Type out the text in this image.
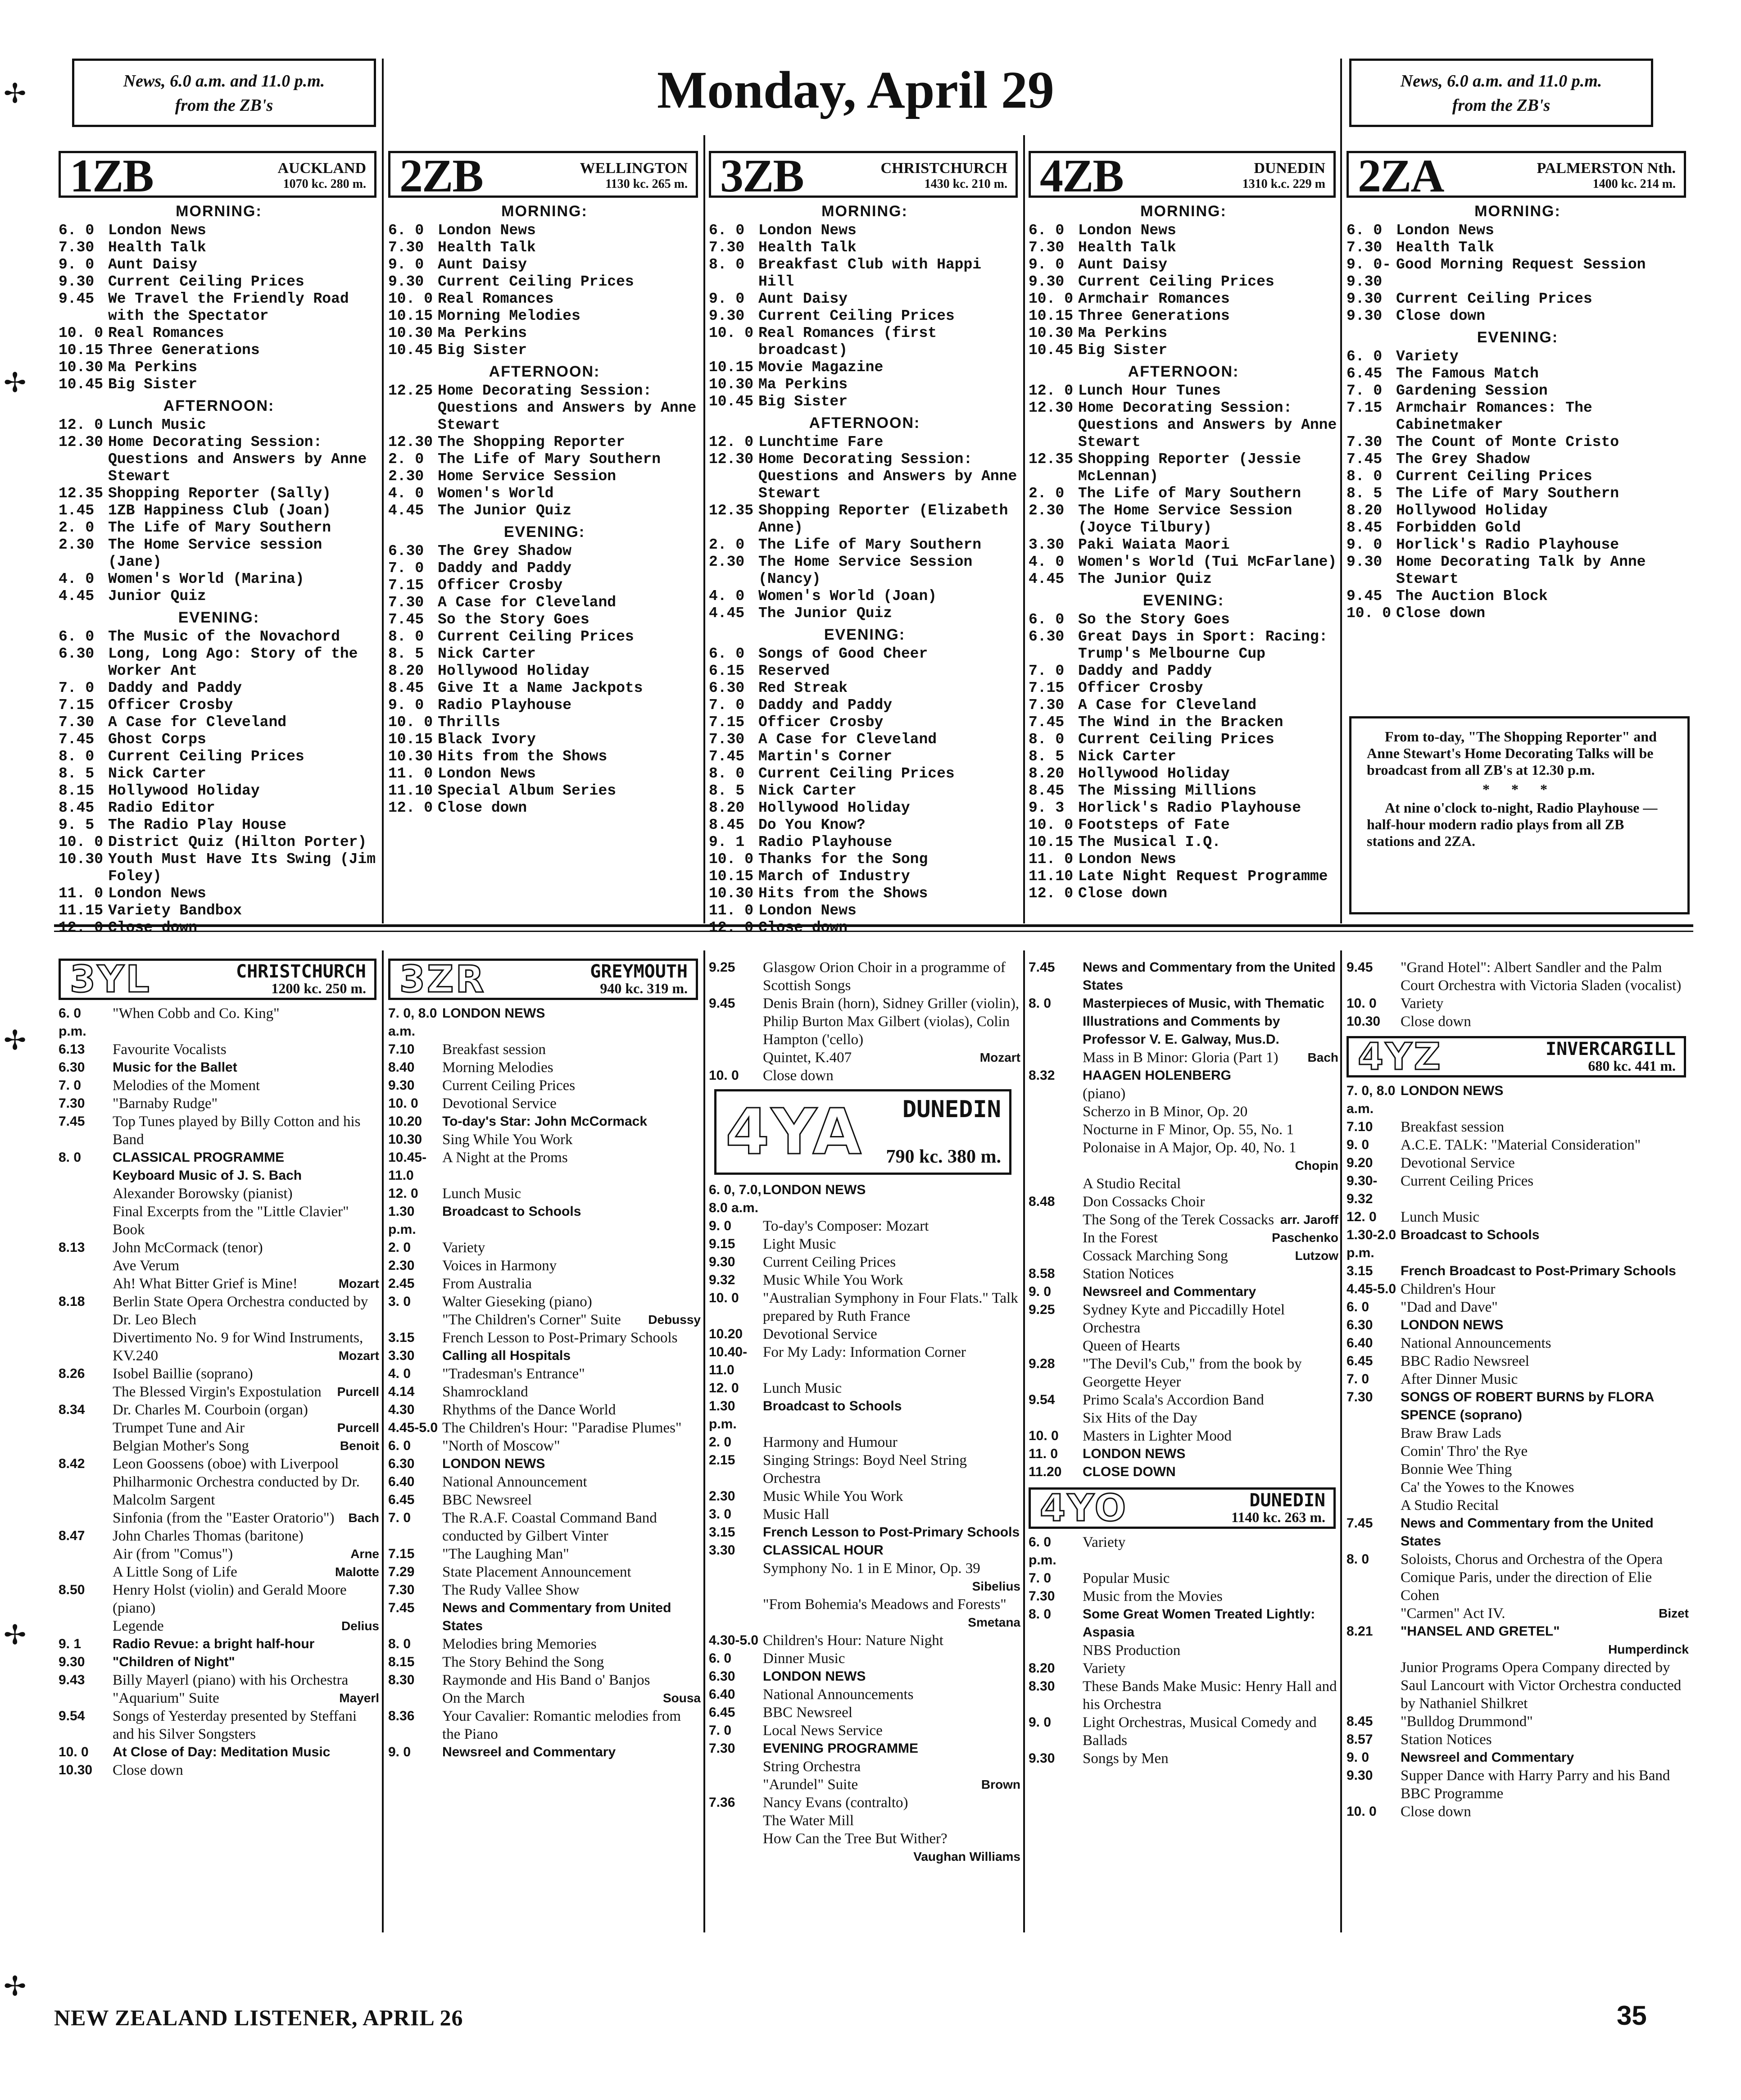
News, 6.0 a.m. and 11.0 p.m.
from the ZB's	Monday, April 29	News, 6.0 a.m. and 11.0 p.m.
from the ZB's
1ZB	AUCKLAND
1070 kc. 280 m.
MORNING:
6. 0 London News
7.30 Health Talk
9. 0 Aunt Daisy
9.30 Current Ceiling Prices
9.45 We Travel the Friendly Road with the Spectator
10. 0 Real Romances
10.15 Three Generations
10.30 Ma Perkins
10.45 Big Sister
AFTERNOON:
12. 0 Lunch Music
12.30 Home Decorating Session: Questions and Answers by Anne Stewart
12.35 Shopping Reporter (Sally)
1.45 1ZB Happiness Club (Joan)
2. 0 The Life of Mary Southern
2.30 The Home Service session (Jane)
4. 0 Women's World (Marina)
4.45 Junior Quiz
EVENING:
6. 0 The Music of the Novachord
6.30 Long, Long Ago: Story of the Worker Ant
7. 0 Daddy and Paddy
7.15 Officer Crosby
7.30 A Case for Cleveland
7.45 Ghost Corps
8. 0 Current Ceiling Prices
8. 5 Nick Carter
8.15 Hollywood Holiday
8.45 Radio Editor
9. 5 The Radio Play House
10. 0 District Quiz (Hilton Porter)
10.30 Youth Must Have Its Swing (Jim Foley)
11. 0 London News
11.15 Variety Bandbox
12. 0 Close down
2ZB	WELLINGTON
1130 kc. 265 m.
MORNING:
6. 0 London News
7.30 Health Talk
9. 0 Aunt Daisy
9.30 Current Ceiling Prices
10. 0 Real Romances
10.15 Morning Melodies
10.30 Ma Perkins
10.45 Big Sister
AFTERNOON:
12.25 Home Decorating Session: Questions and Answers by Anne Stewart
12.30 The Shopping Reporter
2. 0 The Life of Mary Southern
2.30 Home Service Session
4. 0 Women's World
4.45 The Junior Quiz
EVENING:
6.30 The Grey Shadow
7. 0 Daddy and Paddy
7.15 Officer Crosby
7.30 A Case for Cleveland
7.45 So the Story Goes
8. 0 Current Ceiling Prices
8. 5 Nick Carter
8.20 Hollywood Holiday
8.45 Give It a Name Jackpots
9. 0 Radio Playhouse
10. 0 Thrills
10.15 Black Ivory
10.30 Hits from the Shows
11. 0 London News
11.10 Special Album Series
12. 0 Close down
3ZB	CHRISTCHURCH
1430 kc. 210 m.
MORNING:
6. 0 London News
7.30 Health Talk
8. 0 Breakfast Club with Happi Hill
9. 0 Aunt Daisy
9.30 Current Ceiling Prices
10. 0 Real Romances (first broadcast)
10.15 Movie Magazine
10.30 Ma Perkins
10.45 Big Sister
AFTERNOON:
12. 0 Lunchtime Fare
12.30 Home Decorating Session: Questions and Answers by Anne Stewart
12.35 Shopping Reporter (Elizabeth Anne)
2. 0 The Life of Mary Southern
2.30 The Home Service Session (Nancy)
4. 0 Women's World (Joan)
4.45 The Junior Quiz
EVENING:
6. 0 Songs of Good Cheer
6.15 Reserved
6.30 Red Streak
7. 0 Daddy and Paddy
7.15 Officer Crosby
7.30 A Case for Cleveland
7.45 Martin's Corner
8. 0 Current Ceiling Prices
8. 5 Nick Carter
8.20 Hollywood Holiday
8.45 Do You Know?
9. 1 Radio Playhouse
10. 0 Thanks for the Song
10.15 March of Industry
10.30 Hits from the Shows
11. 0 London News
12. 0 Close down
4ZB	DUNEDIN
1310 k.c. 229 m
MORNING:
6. 0 London News
7.30 Health Talk
9. 0 Aunt Daisy
9.30 Current Ceiling Prices
10. 0 Armchair Romances
10.15 Three Generations
10.30 Ma Perkins
10.45 Big Sister
AFTERNOON:
12. 0 Lunch Hour Tunes
12.30 Home Decorating Session: Questions and Answers by Anne Stewart
12.35 Shopping Reporter (Jessie McLennan)
2. 0 The Life of Mary Southern
2.30 The Home Service Session (Joyce Tilbury)
3.30 Paki Waiata Maori
4. 0 Women's World (Tui McFarlane)
4.45 The Junior Quiz
EVENING:
6. 0 So the Story Goes
6.30 Great Days in Sport: Racing: Trump's Melbourne Cup
7. 0 Daddy and Paddy
7.15 Officer Crosby
7.30 A Case for Cleveland
7.45 The Wind in the Bracken
8. 0 Current Ceiling Prices
8. 5 Nick Carter
8.20 Hollywood Holiday
8.45 The Missing Millions
9. 3 Horlick's Radio Playhouse
10. 0 Footsteps of Fate
10.15 The Musical I.Q.
11. 0 London News
11.10 Late Night Request Programme
12. 0 Close down
2ZA	PALMERSTON Nth.
1400 kc. 214 m.
MORNING:
6. 0 London News
7.30 Health Talk
9. 0-9.30
Good Morning Request Session
9.30 Current Ceiling Prices
9.30 Close down
EVENING:
6. 0 Variety
6.45 The Famous Match
7. 0 Gardening Session
7.15 Armchair Romances: The Cabinetmaker
7.30 The Count of Monte Cristo
7.45 The Grey Shadow
8. 0 Current Ceiling Prices
8. 5 The Life of Mary Southern
8.20 Hollywood Holiday
8.45 Forbidden Gold
9. 0 Horlick's Radio Playhouse
9.30 Home Decorating Talk by Anne Stewart
9.45 The Auction Block
10. 0 Close down

From to-day, "The Shopping Reporter" and Anne Stewart's Home Decorating Talks will be broadcast from all ZB's at 12.30 p.m.

* * *

At nine o'clock to-night, Radio Playhouse — half-hour modern radio plays from all ZB stations and 2ZA.

3YL	CHRISTCHURCH
1200 kc. 250 m.
6. 0 p.m.
"When Cobb and Co. King"
6.13	Favourite Vocalists
6.30	Music for the Ballet
7. 0	Melodies of the Moment
7.30	"Barnaby Rudge"
7.45	Top Tunes played by Billy Cotton and his Band
8. 0	CLASSICAL PROGRAMME
Keyboard Music of J. S. Bach
Alexander Borowsky (pianist)
Final Excerpts from the "Little Clavier" Book
8.13	John McCormack (tenor)
Ave Verum
Ah! What Bitter Grief is Mine!	Mozart
8.18	Berlin State Opera Orchestra conducted by Dr. Leo Blech
Divertimento No. 9 for Wind Instruments, KV.240	Mozart
8.26	Isobel Baillie (soprano)
The Blessed Virgin's Expostulation Purcell
8.34	Dr. Charles M. Courboin (organ)
Trumpet Tune and Air	Purcell
Belgian Mother's Song	Benoit
8.42	Leon Goossens (oboe) with Liverpool Philharmonic Orchestra conducted by Dr. Malcolm Sargent
Sinfonia (from the "Easter Oratorio") Bach
8.47	John Charles Thomas (baritone)
Air (from "Comus")	Arne
A Little Song of Life	Malotte
8.50	Henry Holst (violin) and Gerald Moore (piano)
Legende	Delius
9. 1	Radio Revue: a bright half-hour
9.30	"Children of Night"
9.43	Billy Mayerl (piano) with his Orchestra
"Aquarium" Suite	Mayerl
9.54	Songs of Yesterday presented by Steffani and his Silver Songsters
10. 0	At Close of Day: Meditation Music
10.30	Close down
3ZR	GREYMOUTH
940 kc. 319 m.
7. 0, 8.0 a.m.
LONDON NEWS
7.10	Breakfast session
8.40	Morning Melodies
9.30	Current Ceiling Prices
10. 0	Devotional Service
10.20	To-day's Star: John McCormack
10.30	Sing While You Work
10.45-11.0
A Night at the Proms
12. 0	Lunch Music
1.30 p.m.
Broadcast to Schools
2. 0	Variety
2.30	Voices in Harmony
2.45	From Australia
3. 0	Walter Gieseking (piano)
"The Children's Corner" Suite Debussy
3.15	French Lesson to Post-Primary Schools
3.30	Calling all Hospitals
4. 0	"Tradesman's Entrance"
4.14	Shamrockland
4.30	Rhythms of the Dance World
4.45-5.0 The Children's Hour: "Paradise Plumes"
6. 0	"North of Moscow"
6.30	LONDON NEWS
6.40	National Announcement
6.45	BBC Newsreel
7. 0	The R.A.F. Coastal Command Band conducted by Gilbert Vinter
7.15	"The Laughing Man"
7.29	State Placement Announcement
7.30	The Rudy Vallee Show
7.45	News and Commentary from United States
8. 0	Melodies bring Memories
8.15	The Story Behind the Song
8.30	Raymonde and His Band o' Banjos
On the March	Sousa
8.36	Your Cavalier: Romantic melodies from the Piano
9. 0	Newsreel and Commentary
9.25	Glasgow Orion Choir in a programme of Scottish Songs
9.45	Denis Brain (horn), Sidney Griller (violin), Philip Burton Max Gilbert (violas), Colin Hampton ('cello)
Quintet, K.407	Mozart
10. 0	Close down
4YA DUNEDIN
790 kc. 380 m.
6. 0, 7.0, 8.0 a.m.
LONDON NEWS
9. 0	To-day's Composer: Mozart
9.15	Light Music
9.30	Current Ceiling Prices
9.32	Music While You Work
10. 0	"Australian Symphony in Four Flats." Talk prepared by Ruth France
10.20	Devotional Service
10.40-11.0
For My Lady: Information Corner
12. 0	Lunch Music
1.30 p.m.
Broadcast to Schools
2. 0	Harmony and Humour
2.15	Singing Strings: Boyd Neel String Orchestra
2.30	Music While You Work
3. 0	Music Hall
3.15	French Lesson to Post-Primary Schools
3.30	CLASSICAL HOUR
Symphony No. 1 in E Minor, Op. 39
Sibelius
"From Bohemia's Meadows and Forests"
Smetana
4.30-5.0 Children's Hour: Nature Night
6. 0	Dinner Music
6.30	LONDON NEWS
6.40	National Announcements
6.45	BBC Newsreel
7. 0	Local News Service
7.30	EVENING PROGRAMME
String Orchestra
"Arundel" Suite	Brown
7.36	Nancy Evans (contralto)
The Water Mill
How Can the Tree But Wither?
Vaughan Williams
7.45	News and Commentary from the United States
8. 0	Masterpieces of Music, with Thematic Illustrations and Comments by Professor V. E. Galway, Mus.D.
Mass in B Minor: Gloria (Part 1) Bach
8.32	HAAGEN HOLENBERG
(piano)
Scherzo in B Minor, Op. 20
Nocturne in F Minor, Op. 55, No. 1
Polonaise in A Major, Op. 40, No. 1
Chopin
A Studio Recital
8.48	Don Cossacks Choir
The Song of the Terek Cossacks arr. Jaroff
In the Forest	Paschenko
Cossack Marching Song	Lutzow
8.58	Station Notices
9. 0	Newsreel and Commentary
9.25	Sydney Kyte and Piccadilly Hotel Orchestra
Queen of Hearts
9.28	"The Devil's Cub," from the book by Georgette Heyer
9.54	Primo Scala's Accordion Band
Six Hits of the Day
10. 0	Masters in Lighter Mood
11. 0	LONDON NEWS
11.20	CLOSE DOWN
4YO	DUNEDIN
1140 kc. 263 m.
6. 0 p.m.
Variety
7. 0	Popular Music
7.30	Music from the Movies
8. 0	Some Great Women Treated Lightly: Aspasia
NBS Production
8.20	Variety
8.30	These Bands Make Music: Henry Hall and his Orchestra
9. 0	Light Orchestras, Musical Comedy and Ballads
9.30	Songs by Men
9.45	"Grand Hotel": Albert Sandler and the Palm Court Orchestra with Victoria Sladen (vocalist)
10. 0	Variety
10.30	Close down
4YZ	INVERCARGILL
680 kc. 441 m.
7. 0, 8.0 a.m.
LONDON NEWS
7.10	Breakfast session
9. 0	A.C.E. TALK: "Material Consideration"
9.20	Devotional Service
9.30-9.32
Current Ceiling Prices
12. 0	Lunch Music
1.30-2.0 p.m.
Broadcast to Schools
3.15	French Broadcast to Post-Primary Schools
4.45-5.0 Children's Hour
6. 0	"Dad and Dave"
6.30	LONDON NEWS
6.40	National Announcements
6.45	BBC Radio Newsreel
7. 0	After Dinner Music
7.30	SONGS OF ROBERT BURNS by FLORA SPENCE (soprano)
Braw Braw Lads
Comin' Thro' the Rye
Bonnie Wee Thing
Ca' the Yowes to the Knowes
A Studio Recital
7.45	News and Commentary from the United States
8. 0	Soloists, Chorus and Orchestra of the Opera Comique Paris, under the direction of Elie Cohen
"Carmen" Act IV.	Bizet
8.21	"HANSEL AND GRETEL"
Humperdinck
Junior Programs Opera Company directed by Saul Lancourt with Victor Orchestra conducted by Nathaniel Shilkret
8.45	"Bulldog Drummond"
8.57	Station Notices
9. 0	Newsreel and Commentary
9.30	Supper Dance with Harry Parry and his Band
BBC Programme
10. 0	Close down
NEW ZEALAND LISTENER, APRIL 26	35
✢
✢
✢
✢
✢
